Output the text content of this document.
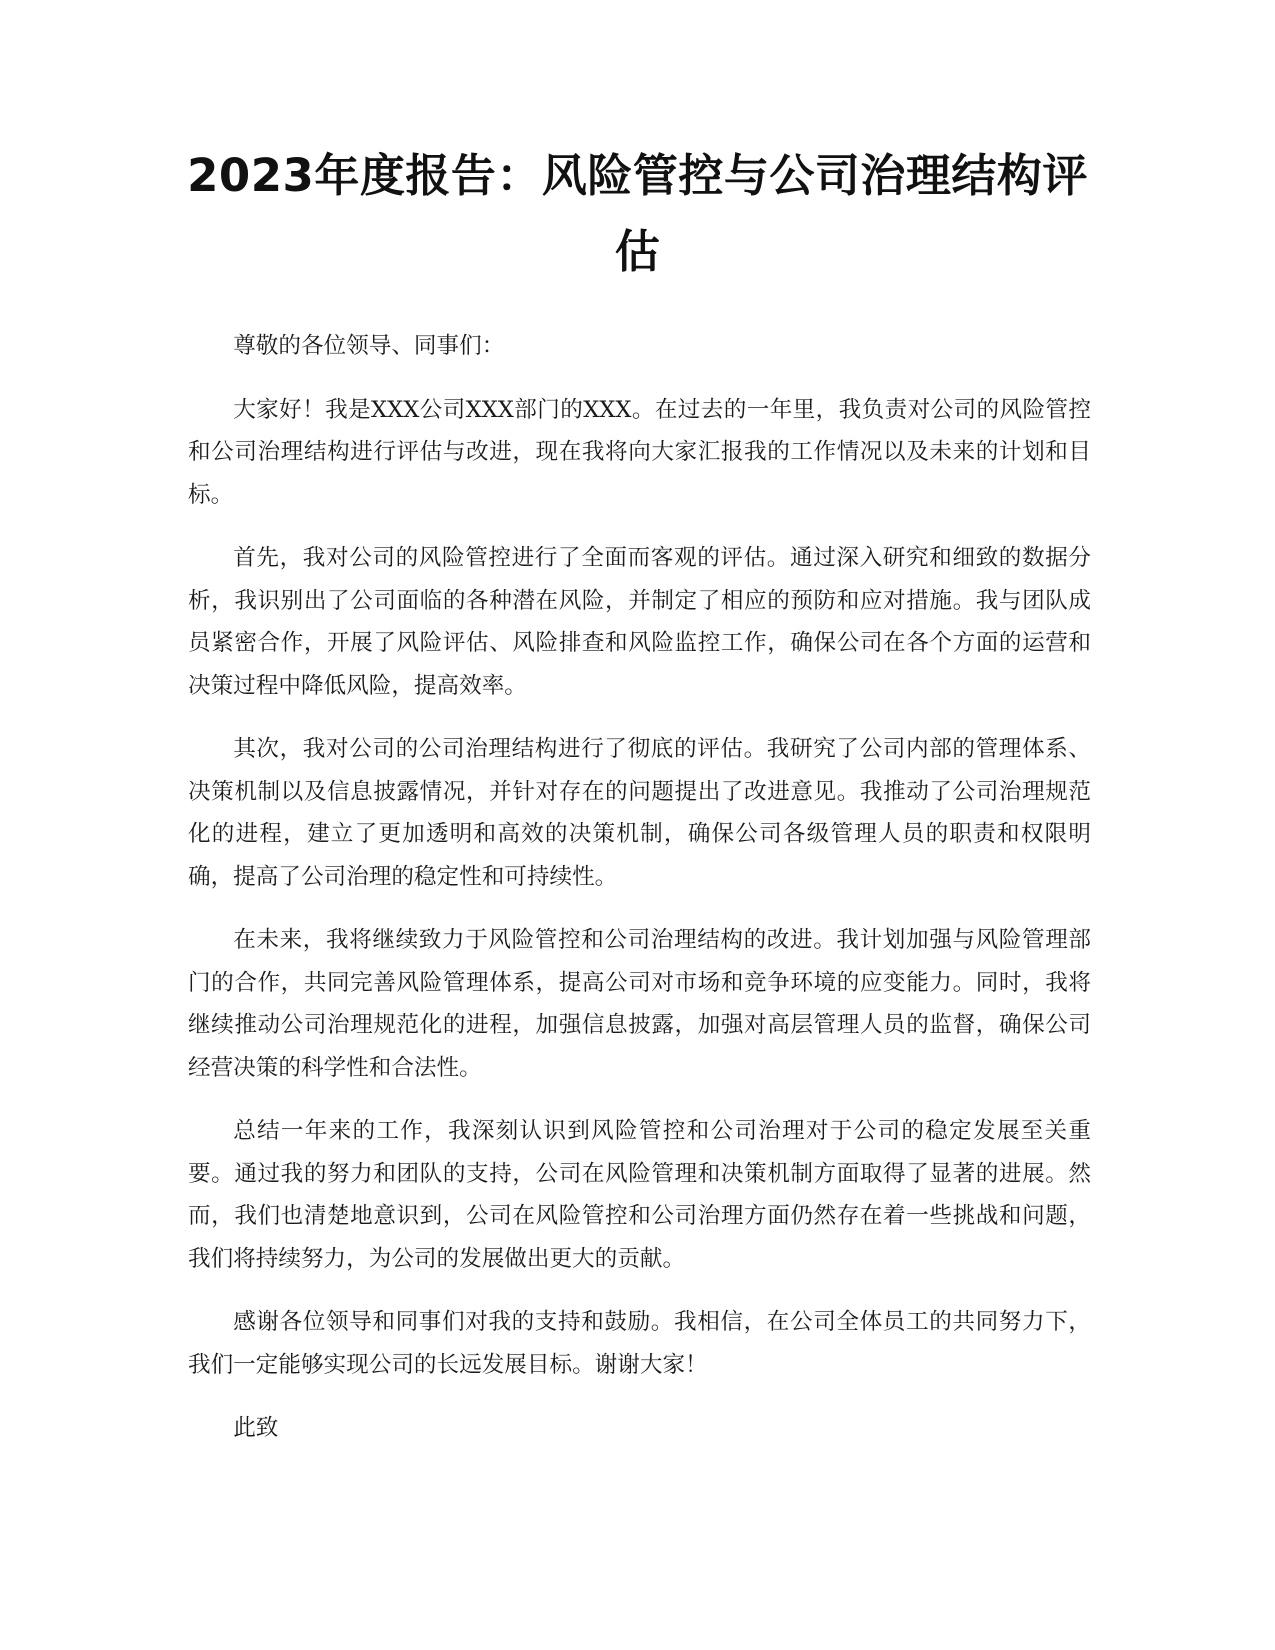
2023年度报告：风险管控与公司治理结构评估

尊敬的各位领导、同事们：

大家好！我是XXX公司XXX部门的XXX。在过去的一年里，我负责对公司的风险管控和公司治理结构进行评估与改进，现在我将向大家汇报我的工作情况以及未来的计划和目标。

首先，我对公司的风险管控进行了全面而客观的评估。通过深入研究和细致的数据分析，我识别出了公司面临的各种潜在风险，并制定了相应的预防和应对措施。我与团队成员紧密合作，开展了风险评估、风险排查和风险监控工作，确保公司在各个方面的运营和决策过程中降低风险，提高效率。

其次，我对公司的公司治理结构进行了彻底的评估。我研究了公司内部的管理体系、决策机制以及信息披露情况，并针对存在的问题提出了改进意见。我推动了公司治理规范化的进程，建立了更加透明和高效的决策机制，确保公司各级管理人员的职责和权限明确，提高了公司治理的稳定性和可持续性。

在未来，我将继续致力于风险管控和公司治理结构的改进。我计划加强与风险管理部门的合作，共同完善风险管理体系，提高公司对市场和竞争环境的应变能力。同时，我将继续推动公司治理规范化的进程，加强信息披露，加强对高层管理人员的监督，确保公司经营决策的科学性和合法性。

总结一年来的工作，我深刻认识到风险管控和公司治理对于公司的稳定发展至关重要。通过我的努力和团队的支持，公司在风险管理和决策机制方面取得了显著的进展。然而，我们也清楚地意识到，公司在风险管控和公司治理方面仍然存在着一些挑战和问题，我们将持续努力，为公司的发展做出更大的贡献。

感谢各位领导和同事们对我的支持和鼓励。我相信，在公司全体员工的共同努力下，我们一定能够实现公司的长远发展目标。谢谢大家！

此致
